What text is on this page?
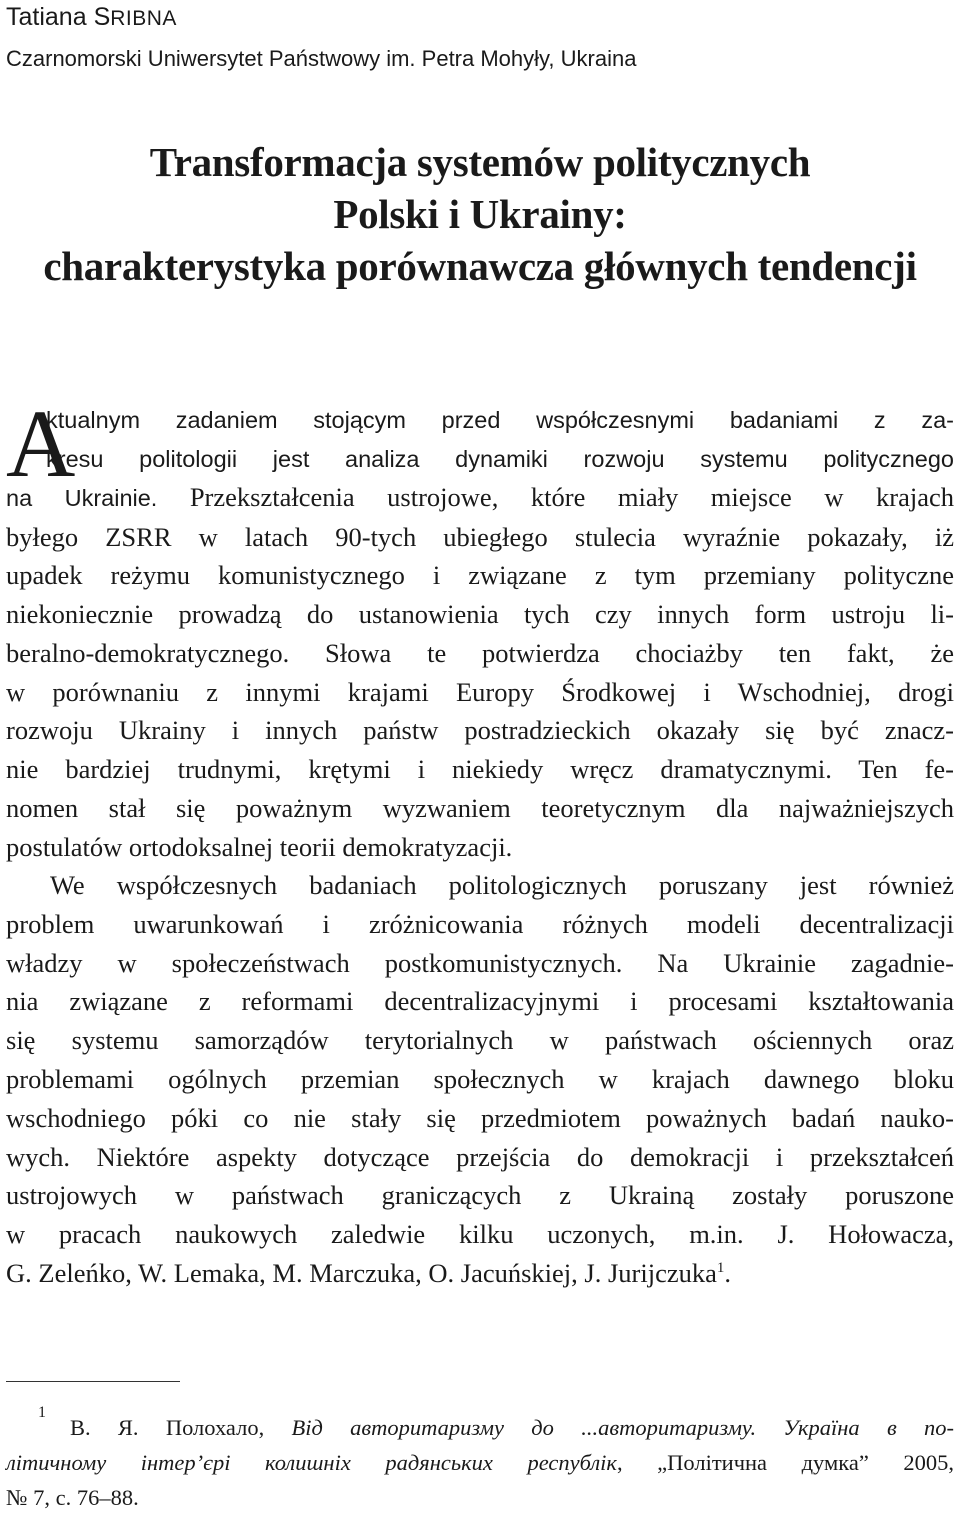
Tatiana SRIBNA
Czarnomorski Uniwersytet Państwowy im. Petra Mohyły, Ukraina
Transformacja systemów politycznych
Polski i Ukrainy:
charakterystyka porównawcza głównych tendencji
A
ktualnym zadaniem stojącym przed współczesnymi badaniami z za-
kresu politologii jest analiza dynamiki rozwoju systemu politycznego
na Ukrainie. Przekształcenia ustrojowe, które miały miejsce w krajach
byłego ZSRR w latach 90-tych ubiegłego stulecia wyraźnie pokazały, iż
upadek reżymu komunistycznego i związane z tym przemiany polityczne
niekoniecznie prowadzą do ustanowienia tych czy innych form ustroju li-
beralno-demokratycznego. Słowa te potwierdza chociażby ten fakt, że
w porównaniu z innymi krajami Europy Środkowej i Wschodniej, drogi
rozwoju Ukrainy i innych państw postradzieckich okazały się być znacz-
nie bardziej trudnymi, krętymi i niekiedy wręcz dramatycznymi. Ten fe-
nomen stał się poważnym wyzwaniem teoretycznym dla najważniejszych
postulatów ortodoksalnej teorii demokratyzacji.
We współczesnych badaniach politologicznych poruszany jest również
problem uwarunkowań i zróżnicowania różnych modeli decentralizacji
władzy w społeczeństwach postkomunistycznych. Na Ukrainie zagadnie-
nia związane z reformami decentralizacyjnymi i procesami kształtowania
się systemu samorządów terytorialnych w państwach ościennych oraz
problemami ogólnych przemian społecznych w krajach dawnego bloku
wschodniego póki co nie stały się przedmiotem poważnych badań nauko-
wych. Niektóre aspekty dotyczące przejścia do demokracji i przekształceń
ustrojowych w państwach graniczących z Ukrainą zostały poruszone
w pracach naukowych zaledwie kilku uczonych, m.in. J. Hołowacza,
G. Zeleńko, W. Lemaka, M. Marczuka, O. Jacuńskiej, J. Jurijczuka$^1$.
1
В. Я. Полохало, Від авторитаризму до ...авторитаризму. Україна в по-
літичному інтер’єрі колишніх радянських республік, „Політична думка” 2005,
№ 7, с. 76–88.
